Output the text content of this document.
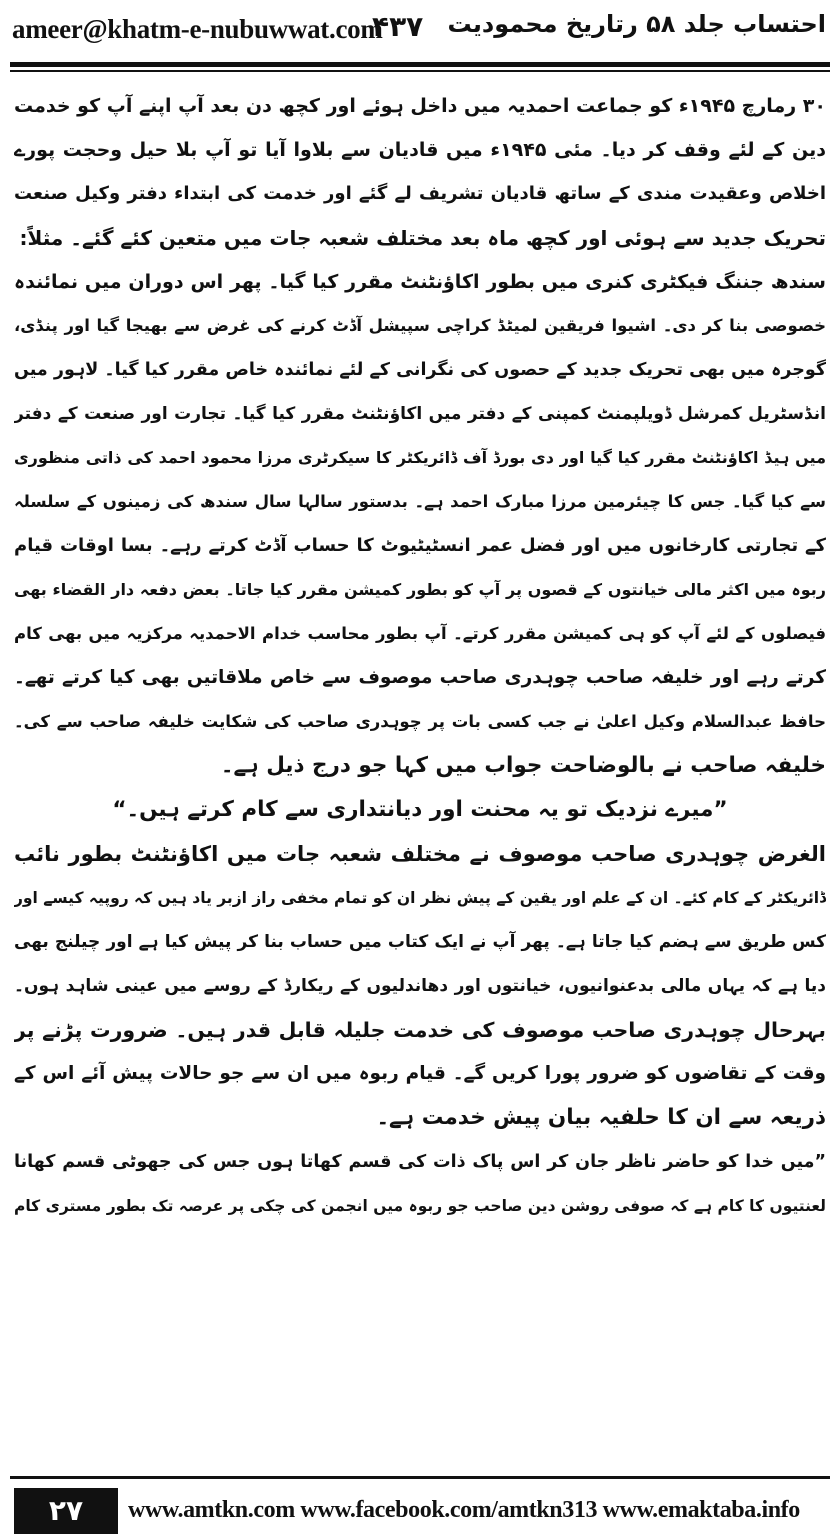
ameer@khatm-e-nubuwwat.com
۴۳۷ احتساب جلد ۵۸ رتاریخ محمودیت
۳۰ رمارچ ۱۹۴۵ء کو جماعت احمدیہ میں داخل ہوئے اور کچھ دن بعد آپ اپنے آپ کو خدمت
دین کے لئے وقف کر دیا۔ مئی ۱۹۴۵ء میں قادیان سے بلاوا آیا تو آپ بلا حیل وحجت پورے
اخلاص وعقیدت مندی کے ساتھ قادیان تشریف لے گئے اور خدمت کی ابتداء دفتر وکیل صنعت
تحریک جدید سے ہوئی اور کچھ ماہ بعد مختلف شعبہ جات میں متعین کئے گئے۔ مثلاً:
سندھ جننگ فیکٹری کنری میں بطور اکاؤنٹنٹ مقرر کیا گیا۔ پھر اس دوران میں نمائندہ
خصوصی بنا کر دی۔ اشیوا فریقین لمیٹڈ کراچی سپیشل آڈٹ کرنے کی غرض سے بھیجا گیا اور پنڈی،
گوجرہ میں بھی تحریک جدید کے حصوں کی نگرانی کے لئے نمائندہ خاص مقرر کیا گیا۔ لاہور میں
انڈسٹریل کمرشل ڈویلپمنٹ کمپنی کے دفتر میں اکاؤنٹنٹ مقرر کیا گیا۔ تجارت اور صنعت کے دفتر
میں ہیڈ اکاؤنٹنٹ مقرر کیا گیا اور دی بورڈ آف ڈائریکٹر کا سیکرٹری مرزا محمود احمد کی ذاتی منظوری
سے کیا گیا۔ جس کا چیئرمین مرزا مبارک احمد ہے۔ بدستور سالہا سال سندھ کی زمینوں کے سلسلہ
کے تجارتی کارخانوں میں اور فضل عمر انسٹیٹیوٹ کا حساب آڈٹ کرتے رہے۔ بسا اوقات قیام
ربوہ میں اکثر مالی خیانتوں کے قصوں پر آپ کو بطور کمیشن مقرر کیا جاتا۔ بعض دفعہ دار القضاء بھی
فیصلوں کے لئے آپ کو ہی کمیشن مقرر کرتے۔ آپ بطور محاسب خدام الاحمدیہ مرکزیہ میں بھی کام
کرتے رہے اور خلیفہ صاحب چوہدری صاحب موصوف سے خاص ملاقاتیں بھی کیا کرتے تھے۔
حافظ عبدالسلام وکیل اعلیٰ نے جب کسی بات پر چوہدری صاحب کی شکایت خلیفہ صاحب سے کی۔
خلیفہ صاحب نے بالوضاحت جواب میں کہا جو درج ذیل ہے۔
”میرے نزدیک تو یہ محنت اور دیانتداری سے کام کرتے ہیں۔“
الغرض چوہدری صاحب موصوف نے مختلف شعبہ جات میں اکاؤنٹنٹ بطور نائب
ڈائریکٹر کے کام کئے۔ ان کے علم اور یقین کے پیش نظر ان کو تمام مخفی راز ازبر یاد ہیں کہ روپیہ کیسے اور
کس طریق سے ہضم کیا جاتا ہے۔ پھر آپ نے ایک کتاب میں حساب بنا کر پیش کیا ہے اور چیلنج بھی
دیا ہے کہ یہاں مالی بدعنوانیوں، خیانتوں اور دھاندلیوں کے ریکارڈ کے روسے میں عینی شاہد ہوں۔
بہرحال چوہدری صاحب موصوف کی خدمت جلیلہ قابل قدر ہیں۔ ضرورت پڑنے پر
وقت کے تقاضوں کو ضرور پورا کریں گے۔ قیام ربوہ میں ان سے جو حالات پیش آئے اس کے
ذریعہ سے ان کا حلفیہ بیان پیش خدمت ہے۔
”میں خدا کو حاضر ناظر جان کر اس پاک ذات کی قسم کھاتا ہوں جس کی جھوٹی قسم کھانا
لعنتیوں کا کام ہے کہ صوفی روشن دین صاحب جو ربوہ میں انجمن کی چکی پر عرصہ تک بطور مستری کام
۲۷	www.amtkn.com www.facebook.com/amtkn313 www.emaktaba.info
